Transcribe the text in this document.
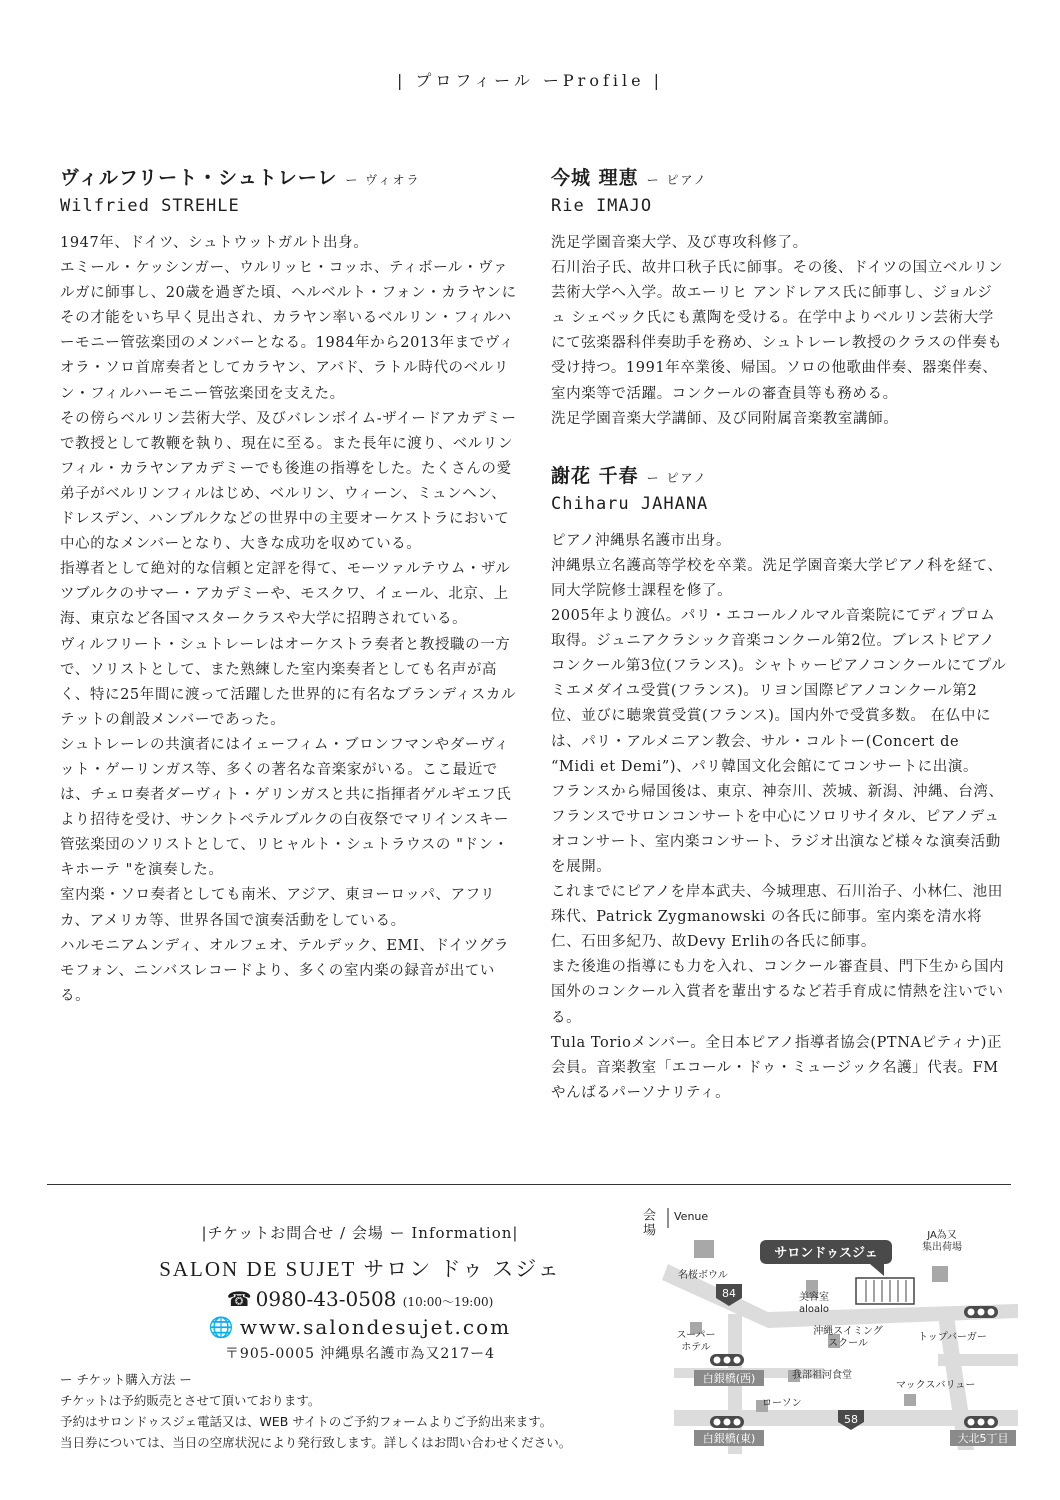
| プロフィール ーProfile |
ヴィルフリート・シュトレーレ ー ヴィオラ
Wilfried STREHLE

1947年、ドイツ、シュトウットガルト出身。

エミール・ケッシンガー、ウルリッヒ・コッホ、ティボール・ヴァルガに師事し、20歳を過ぎた頃、ヘルベルト・フォン・カラヤンにその才能をいち早く見出され、カラヤン率いるベルリン・フィルハーモニー管弦楽団のメンバーとなる。1984年から2013年までヴィオラ・ソロ首席奏者としてカラヤン、アバド、ラトル時代のベルリン・フィルハーモニー管弦楽団を支えた。

その傍らベルリン芸術大学、及びバレンボイム-ザイードアカデミーで教授として教鞭を執り、現在に至る。また長年に渡り、ベルリンフィル・カラヤンアカデミーでも後進の指導をした。たくさんの愛弟子がベルリンフィルはじめ、ベルリン、ウィーン、ミュンヘン、ドレスデン、ハンブルクなどの世界中の主要オーケストラにおいて中心的なメンバーとなり、大きな成功を収めている。

指導者として絶対的な信頼と定評を得て、モーツァルテウム・ザルツブルクのサマー・アカデミーや、モスクワ、イェール、北京、上海、東京など各国マスタークラスや大学に招聘されている。

ヴィルフリート・シュトレーレはオーケストラ奏者と教授職の一方で、ソリストとして、また熟練した室内楽奏者としても名声が高く、特に25年間に渡って活躍した世界的に有名なブランディスカルテットの創設メンバーであった。

シュトレーレの共演者にはイェーフィム・ブロンフマンやダーヴィット・ゲーリンガス等、多くの著名な音楽家がいる。ここ最近では、チェロ奏者ダーヴィト・ゲリンガスと共に指揮者ゲルギエフ氏より招待を受け、サンクトペテルブルクの白夜祭でマリインスキー管弦楽団のソリストとして、リヒャルト・シュトラウスの "ドン・キホーテ "を演奏した。

室内楽・ソロ奏者としても南米、アジア、東ヨーロッパ、アフリカ、アメリカ等、世界各国で演奏活動をしている。

ハルモニアムンディ、オルフェオ、テルデック、EMI、ドイツグラモフォン、ニンバスレコードより、多くの室内楽の録音が出ている。

今城 理恵 ー ピアノ
Rie IMAJO

洗足学園音楽大学、及び専攻科修了。

石川治子氏、故井口秋子氏に師事。その後、ドイツの国立ベルリン芸術大学へ入学。故エーリヒ アンドレアス氏に師事し、ジョルジュ シェベック氏にも薫陶を受ける。在学中よりベルリン芸術大学にて弦楽器科伴奏助手を務め、シュトレーレ教授のクラスの伴奏も受け持つ。1991年卒業後、帰国。ソロの他歌曲伴奏、器楽伴奏、室内楽等で活躍。コンクールの審査員等も務める。

洗足学園音楽大学講師、及び同附属音楽教室講師。

謝花 千春 ー ピアノ
Chiharu JAHANA

ピアノ沖縄県名護市出身。

沖縄県立名護高等学校を卒業。洗足学園音楽大学ピアノ科を経て、同大学院修士課程を修了。

2005年より渡仏。パリ・エコールノルマル音楽院にてディプロム取得。ジュニアクラシック音楽コンクール第2位。ブレストピアノコンクール第3位(フランス)。シャトゥーピアノコンクールにてプルミエメダイユ受賞(フランス)。リヨン国際ピアノコンクール第2 位、並びに聴衆賞受賞(フランス)。国内外で受賞多数。 在仏中には、パリ・アルメニアン教会、サル・コルトー(Concert de “Midi et Demi”)、パリ韓国文化会館にてコンサートに出演。

フランスから帰国後は、東京、神奈川、茨城、新潟、沖縄、台湾、フランスでサロンコンサートを中心にソロリサイタル、ピアノデュオコンサート、室内楽コンサート、ラジオ出演など様々な演奏活動を展開。

これまでにピアノを岸本武夫、今城理恵、石川治子、小林仁、池田珠代、Patrick Zygmanowski の各氏に師事。室内楽を清水将仁、石田多紀乃、故Devy Erlihの各氏に師事。

また後進の指導にも力を入れ、コンクール審査員、門下生から国内国外のコンクール入賞者を輩出するなど若手育成に情熱を注いでいる。

Tula Torioメンバー。全日本ピアノ指導者協会(PTNAピティナ)正会員。音楽教室「エコール・ドゥ・ミュージック名護」代表。FM やんばるパーソナリティ。

|チケットお問合せ / 会場 ー Information|
SALON DE SUJET サロン ドゥ スジェ
☎ 0980-43-0508 (10:00〜19:00)
🌐 www.salondesujet.com
〒905-0005 沖縄県名護市為又217ー4

ー チケット購入方法 ー

チケットは予約販売とさせて頂いております。

予約はサロンドゥスジェ電話又は、WEB サイトのご予約フォームよりご予約出来ます。

当日券については、当日の空席状況により発行致します。詳しくはお問い合わせください。

会場 Venue
サロンドゥスジェ
84
58
白銀橋(西)
白銀橋(東)	大北5丁目
名桜ボウル
美容室
aloalo
JA為又
集出荷場
スーパー
ホテル
沖縄スイミング
スクール
トップバーガー
我部祖河食堂
マックスバリュー
ローソン
